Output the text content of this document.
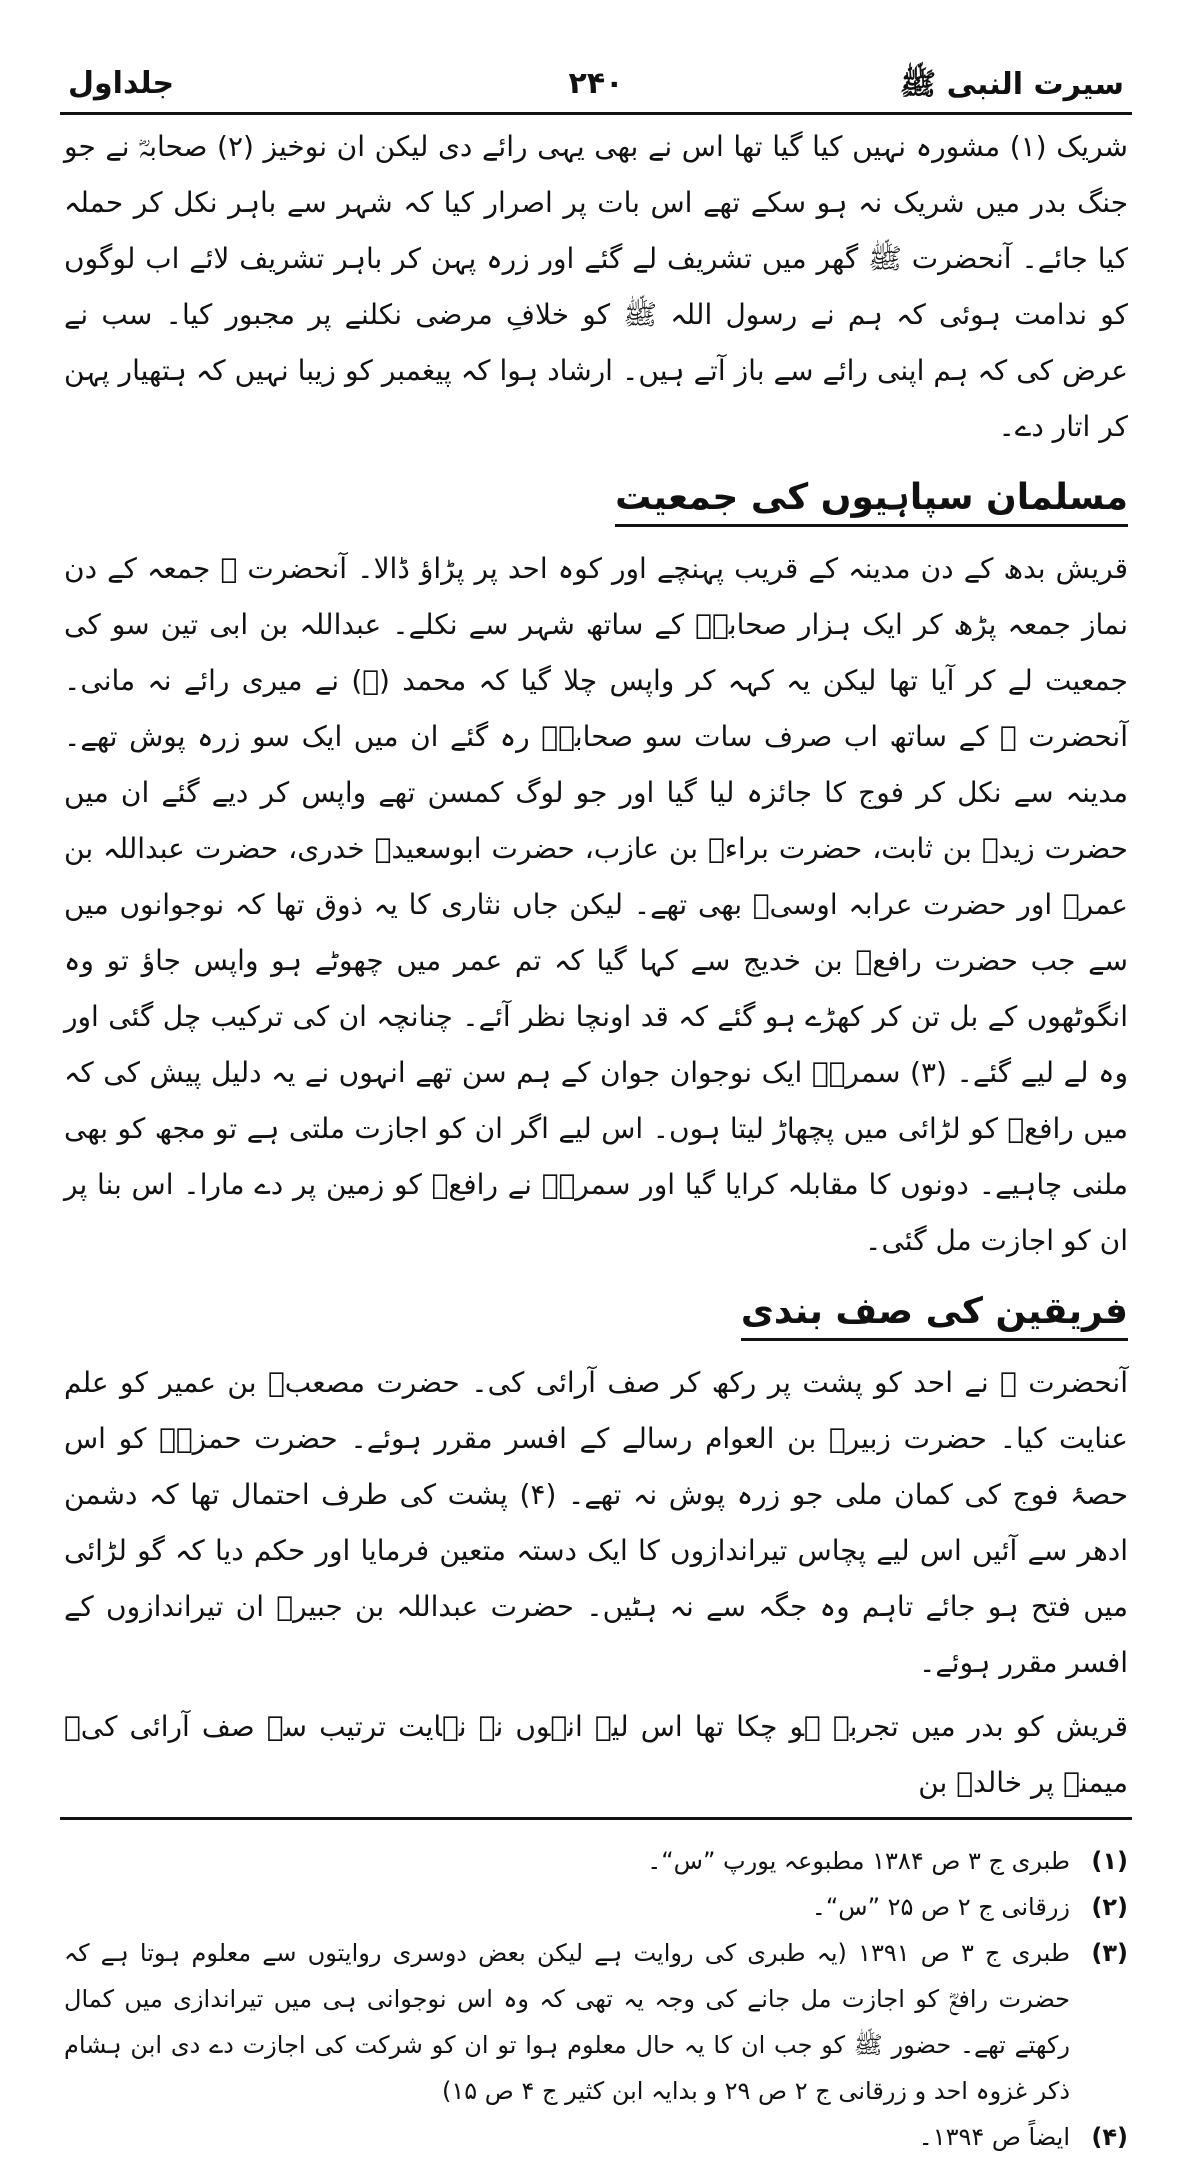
سیرت النبی ﷺ
۲۴۰
جلداول

شریک (۱) مشورہ نہیں کیا گیا تھا اس نے بھی یہی رائے دی لیکن ان نوخیز (۲) صحابہؓ نے جو جنگ بدر میں شریک نہ ہو سکے تھے اس بات پر اصرار کیا کہ شہر سے باہر نکل کر حملہ کیا جائے۔ آنحضرت ﷺ گھر میں تشریف لے گئے اور زرہ پہن کر باہر تشریف لائے اب لوگوں کو ندامت ہوئی کہ ہم نے رسول اللہ ﷺ کو خلافِ مرضی نکلنے پر مجبور کیا۔ سب نے عرض کی کہ ہم اپنی رائے سے باز آتے ہیں۔ ارشاد ہوا کہ پیغمبر کو زیبا نہیں کہ ہتھیار پہن کر اتار دے۔

مسلمان سپاہیوں کی جمعیت

قریش بدھ کے دن مدینہ کے قریب پہنچے اور کوہ احد پر پڑاؤ ڈالا۔ آنحضرت ﷺ جمعہ کے دن نماز جمعہ پڑھ کر ایک ہزار صحابہؓ کے ساتھ شہر سے نکلے۔ عبداللہ بن ابی تین سو کی جمعیت لے کر آیا تھا لیکن یہ کہہ کر واپس چلا گیا کہ محمد (ﷺ) نے میری رائے نہ مانی۔ آنحضرت ﷺ کے ساتھ اب صرف سات سو صحابہؓ رہ گئے ان میں ایک سو زرہ پوش تھے۔ مدینہ سے نکل کر فوج کا جائزہ لیا گیا اور جو لوگ کمسن تھے واپس کر دیے گئے ان میں حضرت زیدؓ بن ثابت، حضرت براءؓ بن عازب، حضرت ابوسعیدؓ خدری، حضرت عبداللہ بن عمرؓ اور حضرت عرابہ اوسیؓ بھی تھے۔ لیکن جاں نثاری کا یہ ذوق تھا کہ نوجوانوں میں سے جب حضرت رافعؓ بن خدیج سے کہا گیا کہ تم عمر میں چھوٹے ہو واپس جاؤ تو وہ انگوٹھوں کے بل تن کر کھڑے ہو گئے کہ قد اونچا نظر آئے۔ چنانچہ ان کی ترکیب چل گئی اور وہ لے لیے گئے۔ (۳) سمرہؓ ایک نوجوان جوان کے ہم سن تھے انہوں نے یہ دلیل پیش کی کہ میں رافعؓ کو لڑائی میں پچھاڑ لیتا ہوں۔ اس لیے اگر ان کو اجازت ملتی ہے تو مجھ کو بھی ملنی چاہیے۔ دونوں کا مقابلہ کرایا گیا اور سمرہؓ نے رافعؓ کو زمین پر دے مارا۔ اس بنا پر ان کو اجازت مل گئی۔

فریقین کی صف بندی

آنحضرت ﷺ نے احد کو پشت پر رکھ کر صف آرائی کی۔ حضرت مصعبؓ بن عمیر کو علم عنایت کیا۔ حضرت زبیرؓ بن العوام رسالے کے افسر مقرر ہوئے۔ حضرت حمزہؓ کو اس حصۂ فوج کی کمان ملی جو زرہ پوش نہ تھے۔ (۴) پشت کی طرف احتمال تھا کہ دشمن ادھر سے آئیں اس لیے پچاس تیراندازوں کا ایک دستہ متعین فرمایا اور حکم دیا کہ گو لڑائی میں فتح ہو جائے تاہم وہ جگہ سے نہ ہٹیں۔ حضرت عبداللہ بن جبیرؓ ان تیراندازوں کے افسر مقرر ہوئے۔

قریش کو بدر میں تجربہ ہو چکا تھا اس لیے انہوں نے نہایت ترتیب سے صف آرائی کی۔ میمنہ پر خالدؒ بن

(۱)
طبری ج ۳ ص ۱۳۸۴ مطبوعہ یورپ ”س“۔
(۲)
زرقانی ج ۲ ص ۲۵ ”س“۔
(۳)
طبری ج ۳ ص ۱۳۹۱ (یہ طبری کی روایت ہے لیکن بعض دوسری روایتوں سے معلوم ہوتا ہے کہ حضرت رافعؓ کو اجازت مل جانے کی وجہ یہ تھی کہ وہ اس نوجوانی ہی میں تیراندازی میں کمال رکھتے تھے۔ حضور ﷺ کو جب ان کا یہ حال معلوم ہوا تو ان کو شرکت کی اجازت دے دی ابن ہشام ذکر غزوہ احد و زرقانی ج ۲ ص ۲۹ و بدایہ ابن کثیر ج ۴ ص ۱۵)
(۴)
ایضاً ص ۱۳۹۴۔
